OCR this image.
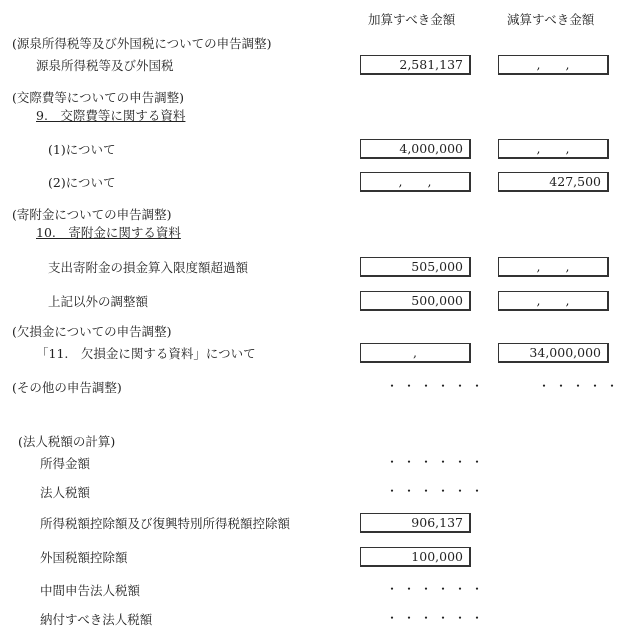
加算すべき金額	減算すべき金額
(源泉所得税等及び外国税についての申告調整)
源泉所得税等及び外国税	2,581,137	,　　,
(交際費等についての申告調整)
9.　交際費等に関する資料
(1)について	4,000,000	,　　,
(2)について	,　　,	427,500
(寄附金についての申告調整)
10.　寄附金に関する資料
支出寄附金の損金算入限度額超過額	505,000	,　　,
上記以外の調整額	500,000	,　　,
(欠損金についての申告調整)
「11.　欠損金に関する資料」について	,	34,000,000
(その他の申告調整)	・・・・・・	・・・・・
(法人税額の計算)
所得金額	・・・・・・
法人税額	・・・・・・
所得税額控除額及び復興特別所得税額控除額	906,137
外国税額控除額	100,000
中間申告法人税額	・・・・・・
納付すべき法人税額	・・・・・・
